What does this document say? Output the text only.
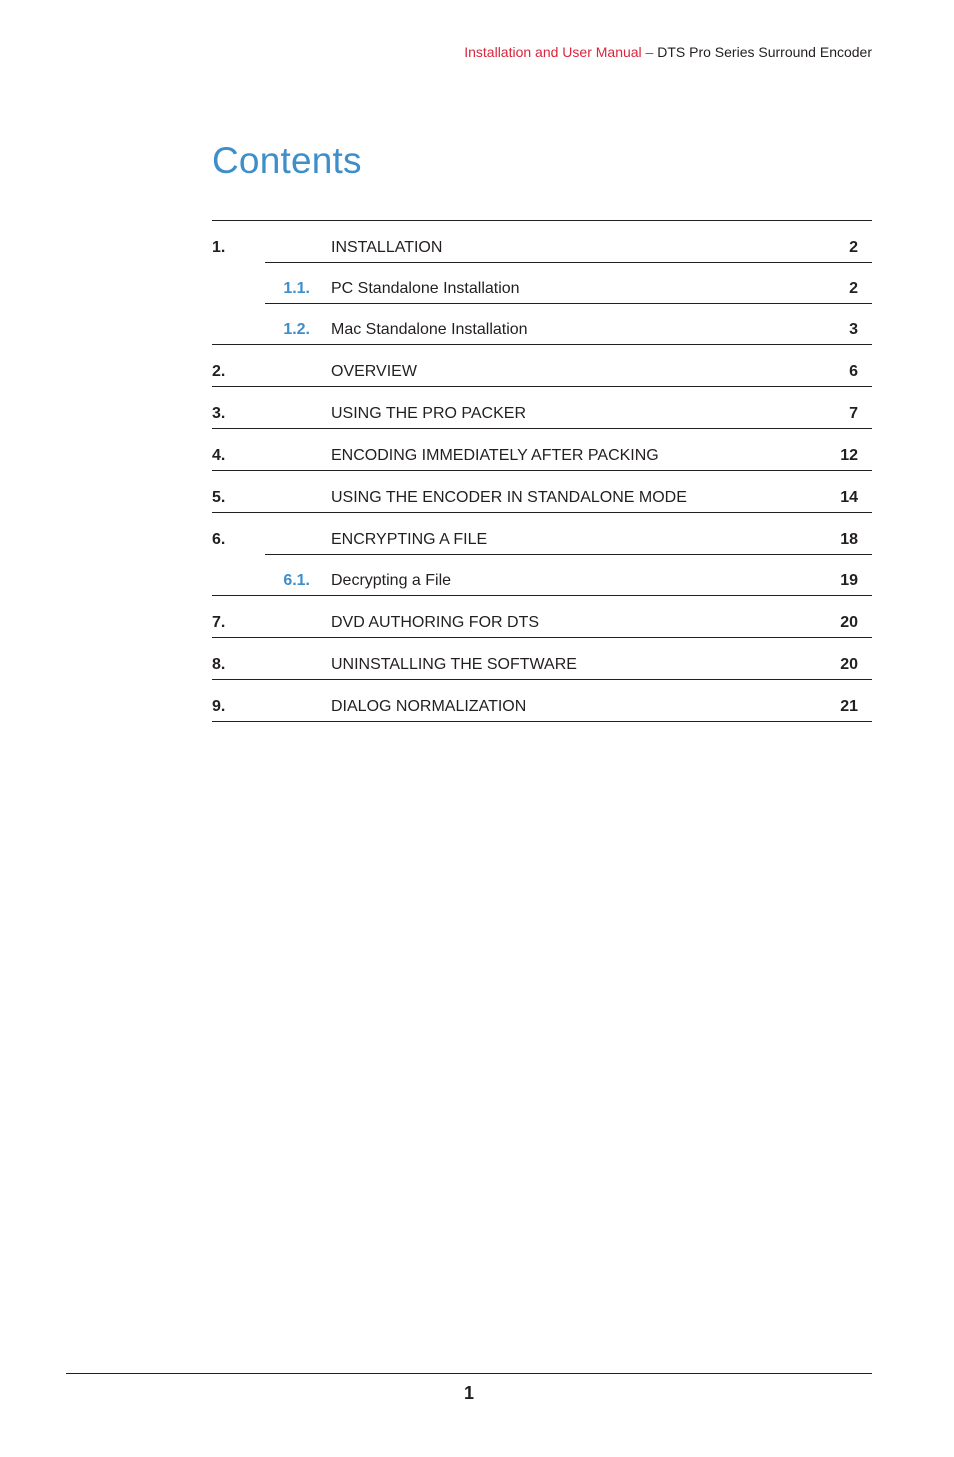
Installation and User Manual – DTS Pro Series Surround Encoder
Contents
1.	INSTALLATION	2
1.1. PC Standalone Installation	2
1.2. Mac Standalone Installation	3
2.	OVERVIEW	6
3.	USING THE PRO PACKER	7
4.	ENCODING IMMEDIATELY AFTER PACKING	12
5.	USING THE ENCODER IN STANDALONE MODE	14
6.	ENCRYPTING A FILE	18
6.1. Decrypting a File	19
7.	DVD AUTHORING FOR DTS	20
8.	UNINSTALLING THE SOFTWARE	20
9.	DIALOG NORMALIZATION	21
1
